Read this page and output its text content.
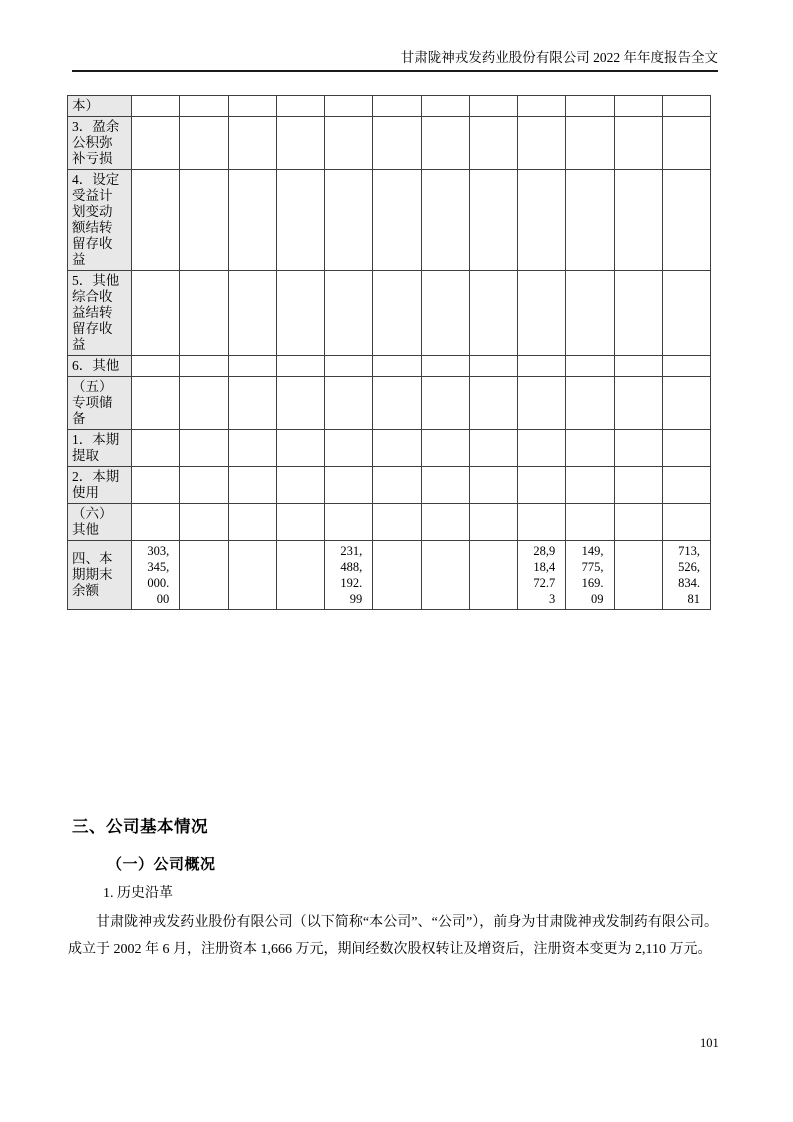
甘肃陇神戎发药业股份有限公司 2022 年年度报告全文
本）												
3．盈余公积弥补亏损												
4．设定受益计划变动额结转留存收益												
5．其他综合收益结转留存收益												
6．其他												
（五）专项储备												
1．本期提取												
2．本期使用												
（六）其他												
四、本期期末余额	303,345,000.00				231,488,192.99				28,918,472.73	149,775,169.09		713,526,834.81
三、公司基本情况
（一）公司概况
1. 历史沿革
甘肃陇神戎发药业股份有限公司（以下简称“本公司”、“公司”），前身为甘肃陇神戎发制药有限公司。成立于 2002 年 6 月，注册资本 1,666 万元，期间经数次股权转让及增资后，注册资本变更为 2,110 万元。
101
